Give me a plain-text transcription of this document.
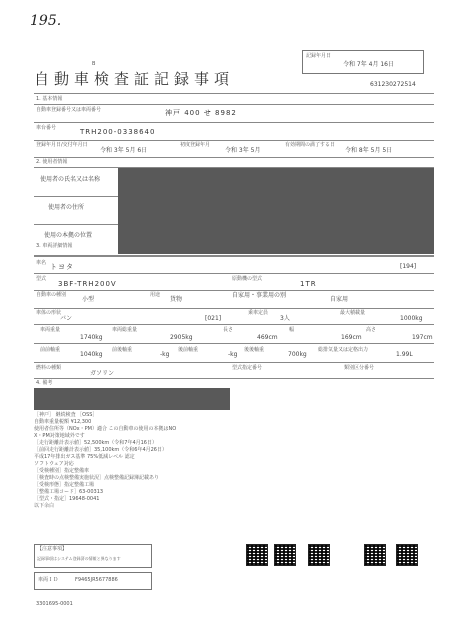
195.
B
自動車検査証記録事項
記録年月日
令和 7年 4月 16日
631230272514
1. 基本情報
自動車登録番号又は車両番号	神戸 400 せ 8982
車台番号	TRH200-0338640
登録年月日/交付年月日
令和 3年 5月 6日
初度登録年月
令和 3年 5月
有効期間の満了する日
令和 8年 5月 5日
2. 使用者情報
使用者の氏名又は名称
使用者の住所
使用の本拠の位置
3. 車両詳細情報
車名 トヨタ	[194]
型式
3BF-TRH200V
原動機の型式
1TR
自動車の種別
小型
用途
貨物
自家用・事業用の別
自家用
車体の形状
バン	[021]
乗車定員
3人
最大積載量
1000kg
車両重量
1740kg
車両総重量
2905kg
長さ
469cm
幅
169cm
高さ
197cm
前前軸重
1040kg
前後軸重
-kg
後前軸重
-kg
後後軸重
700kg
総排気量又は定格出力
1.99L
燃料の種類
ガソリン
型式指定番号	類別区分番号
4. 備考
［神戸］ 継続検査 ［OSS］
自動車重量税額 ¥12,300
使用者住所等（NOx・PM）適合 この自動車の使用の本拠はNO
X・PM対策地域外です
［走行距離計表示値］52,500km（令和7年4月16日）
［前回走行距離計表示値］35,100km（令和6年4月26日）
平成17年排出ガス基準 75%低減レベル 認定
ソフトウェア対応
［受検種別］指定整備車
［検査時の点検整備実施状況］点検整備記録簿記載あり
［受検形態］指定整備工場
［整備工場コード］63-00313
［型式・指定］19648-0041
以下余白
【注意事項】
記録事項はシステム登録済の情報と異なります
車両ＩＤ	F9465JR5677886
3301695-0001
